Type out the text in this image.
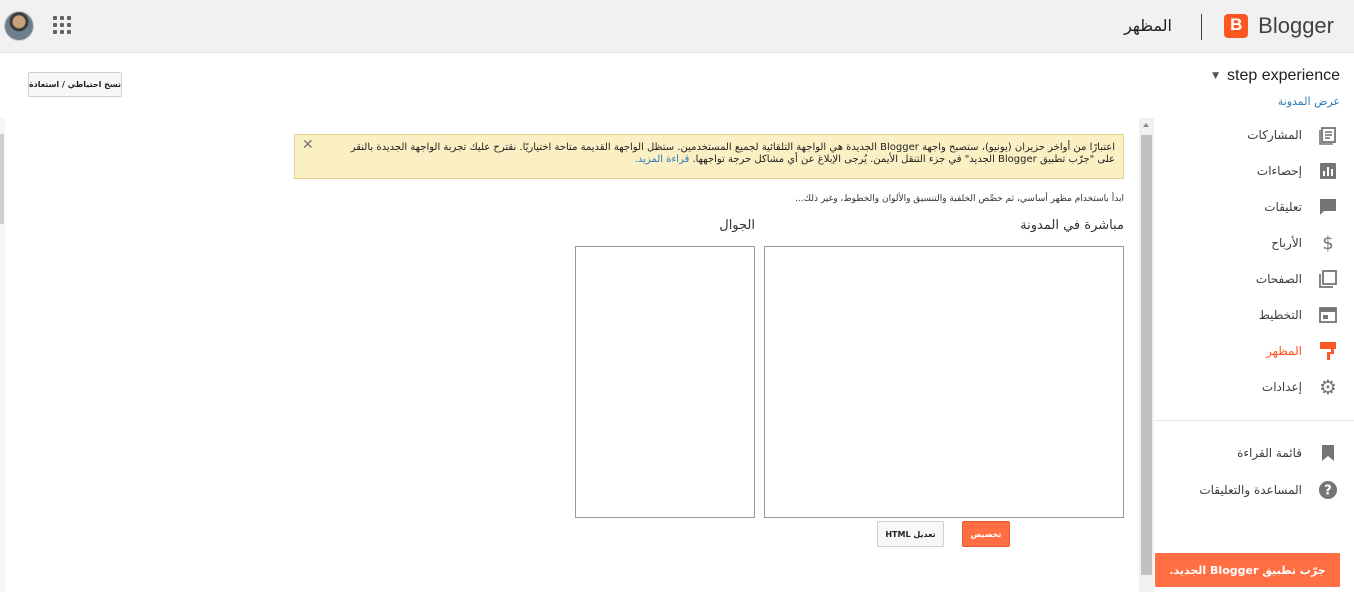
المظهر
B	Blogger
نسخ احتياطي / استعادة
▼ step experience
عرض المدونة
المشاركات
إحصاءات
تعليقات
الأرباح $
الصفحات
التخطيط
المظهر
إعدادات ⚙
قائمة القراءة
المساعدة والتعليقات ?
جرّب تطبيق Blogger الجديد.
✕	اعتبارًا من أواخر حزيران (يونيو)، ستصبح واجهة Blogger الجديدة هي الواجهة التلقائية لجميع المستخدمين. ستظل الواجهة القديمة متاحة اختياريًا. نقترح عليك تجربة الواجهة الجديدة بالنقر على "جرّب تطبيق Blogger الجديد" في جزء التنقل الأيمن. يُرجى الإبلاغ عن أي مشاكل حرجة تواجهها. قراءة المزيد.
ابدأ باستخدام مظهر أساسي، ثم خصِّص الخلفية والتنسيق والألوان والخطوط، وغير ذلك...
مباشرة في المدونة
الجوال
تخصيص
تعديل HTML
